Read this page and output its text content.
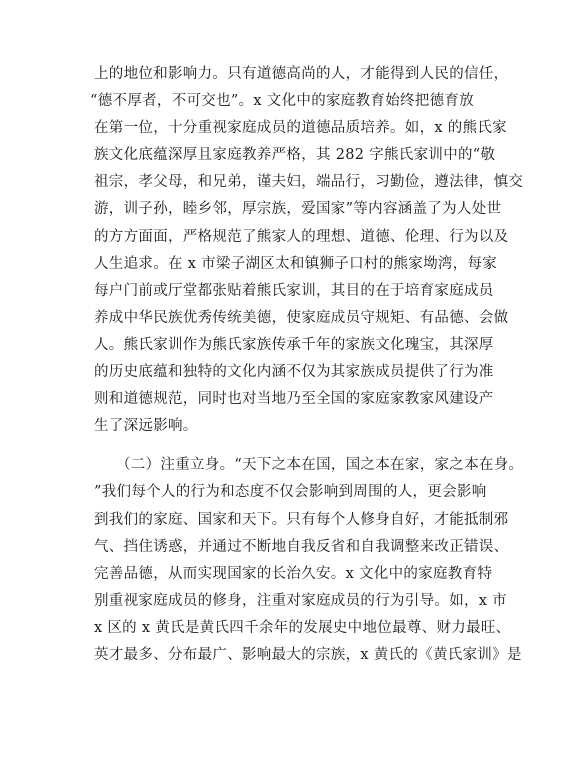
上的地位和影响力。只有道德高尚的人，才能得到人民的信任，
“德不厚者，不可交也”。x 文化中的家庭教育始终把德育放
在第一位，十分重视家庭成员的道德品质培养。如，x 的熊氏家
族文化底蕴深厚且家庭教养严格，其 282 字熊氏家训中的“敬
祖宗，孝父母，和兄弟，谨夫妇，端品行，习勤俭，遵法律，慎交
游，训子孙，睦乡邻，厚宗族，爱国家”等内容涵盖了为人处世
的方方面面，严格规范了熊家人的理想、道德、伦理、行为以及
人生追求。在 x 市梁子湖区太和镇狮子口村的熊家坳湾，每家
每户门前或厅堂都张贴着熊氏家训，其目的在于培育家庭成员
养成中华民族优秀传统美德，使家庭成员守规矩、有品德、会做
人。熊氏家训作为熊氏家族传承千年的家族文化瑰宝，其深厚
的历史底蕴和独特的文化内涵不仅为其家族成员提供了行为准
则和道德规范，同时也对当地乃至全国的家庭家教家风建设产
生了深远影响。
（二）注重立身。“天下之本在国，国之本在家，家之本在身。
”我们每个人的行为和态度不仅会影响到周围的人，更会影响
到我们的家庭、国家和天下。只有每个人修身自好，才能抵制邪
气、挡住诱惑，并通过不断地自我反省和自我调整来改正错误、
完善品德，从而实现国家的长治久安。x 文化中的家庭教育特
别重视家庭成员的修身，注重对家庭成员的行为引导。如，x 市
x 区的 x 黄氏是黄氏四千余年的发展史中地位最尊、财力最旺、
英才最多、分布最广、影响最大的宗族，x 黄氏的《黄氏家训》是
